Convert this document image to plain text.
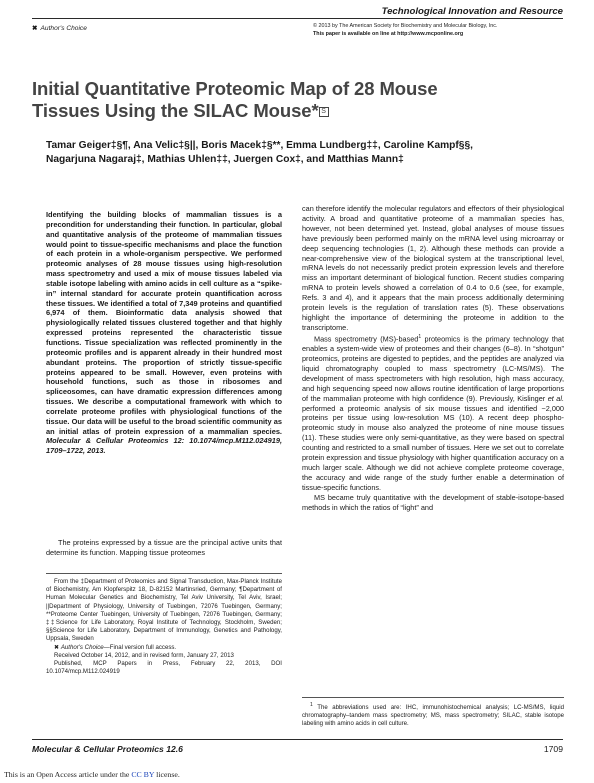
Technological Innovation and Resource
✖ Author's Choice	© 2013 by The American Society for Biochemistry and Molecular Biology, Inc.
This paper is available on line at http://www.mcponline.org
Initial Quantitative Proteomic Map of 28 Mouse Tissues Using the SILAC Mouse* S
Tamar Geiger‡§¶, Ana Velic‡§||, Boris Macek‡§**, Emma Lundberg‡‡, Caroline Kampf§§, Nagarjuna Nagaraj‡, Mathias Uhlen‡‡, Juergen Cox‡, and Matthias Mann‡
Identifying the building blocks of mammalian tissues is a precondition for understanding their function. In particular, global and quantitative analysis of the proteome of mammalian tissues would point to tissue-specific mechanisms and place the function of each protein in a whole-organism perspective. We performed proteomic analyses of 28 mouse tissues using high-resolution mass spectrometry and used a mix of mouse tissues labeled via stable isotope labeling with amino acids in cell culture as a “spike-in” internal standard for accurate protein quantification across these tissues. We identified a total of 7,349 proteins and quantified 6,974 of them. Bioinformatic data analysis showed that physiologically related tissues clustered together and that highly expressed proteins represented the characteristic tissue functions. Tissue specialization was reflected prominently in the proteomic profiles and is apparent already in their hundred most abundant proteins. The proportion of strictly tissue-specific proteins appeared to be small. However, even proteins with household functions, such as those in ribosomes and spliceosomes, can have dramatic expression differences among tissues. We describe a computational framework with which to correlate proteome profiles with physiological functions of the tissue. Our data will be useful to the broad scientific community as an initial atlas of protein expression of a mammalian species. Molecular & Cellular Proteomics 12: 10.1074/mcp.M112.024919, 1709–1722, 2013.

The proteins expressed by a tissue are the principal active units that determine its function. Mapping tissue proteomes

From the ‡Department of Proteomics and Signal Transduction, Max-Planck Institute of Biochemistry, Am Klopferspitz 18, D-82152 Martinsried, Germany; ¶Department of Human Molecular Genetics and Biochemistry, Tel Aviv University, Tel Aviv, Israel; ||Department of Physiology, University of Tuebingen, 72076 Tuebingen, Germany; **Proteome Center Tuebingen, University of Tuebingen, 72076 Tuebingen, Germany; ‡‡Science for Life Laboratory, Royal Institute of Technology, Stockholm, Sweden; §§Science for Life Laboratory, Department of Immunology, Genetics and Pathology, Uppsala, Sweden

✖ Author's Choice—Final version full access.

Received October 14, 2012, and in revised form, January 27, 2013

Published, MCP Papers in Press, February 22, 2013, DOI 10.1074/mcp.M112.024919

can therefore identify the molecular regulators and effectors of their physiological activity. A broad and quantitative proteome of a mammalian species has, however, not been determined yet. Instead, global analyses of mouse tissues have previously been performed mainly on the mRNA level using microarray or deep sequencing technologies (1, 2). Although these methods can provide a near-comprehensive view of the biological system at the transcriptional level, mRNA levels do not necessarily predict protein expression levels and therefore miss an important determinant of biological function. Recent studies comparing mRNA to protein levels showed a correlation of 0.4 to 0.6 (see, for example, Refs. 3 and 4), and it appears that the main process additionally determining protein levels is the regulation of translation rates (5). These observations highlight the importance of determining the proteome in addition to the transcriptome.

Mass spectrometry (MS)-based$^1$ proteomics is the primary technology that enables a system-wide view of proteomes and their changes (6–8). In “shotgun” proteomics, proteins are digested to peptides, and the peptides are analyzed via liquid chromatography coupled to mass spectrometry (LC-MS/MS). The development of mass spectrometers with high resolution, high mass accuracy, and high sequencing speed now allows routine identification of large proportions of the mammalian proteome with high confidence (9). Previously, Kislinger et al. performed a proteomic analysis of six mouse tissues and identified ~2,000 proteins per tissue using low-resolution MS (10). A recent deep phospho-proteomic study in mouse also analyzed the proteome of nine mouse tissues (11). These studies were only semi-quantitative, as they were based on spectral counting and restricted to a small number of tissues. Here we set out to correlate protein expression and tissue physiology with higher quantification accuracy on a much larger scale. Although we did not achieve complete proteome coverage, the accuracy and wide range of the study further enable a determination of tissue-specific functions.

MS became truly quantitative with the development of stable-isotope-based methods in which the ratios of “light” and

$^1$ The abbreviations used are: IHC, immunohistochemical analysis; LC-MS/MS, liquid chromatography–tandem mass spectrometry; MS, mass spectrometry; SILAC, stable isotope labeling with amino acids in cell culture.
Molecular & Cellular Proteomics 12.6	1709
This is an Open Access article under the CC BY license.
